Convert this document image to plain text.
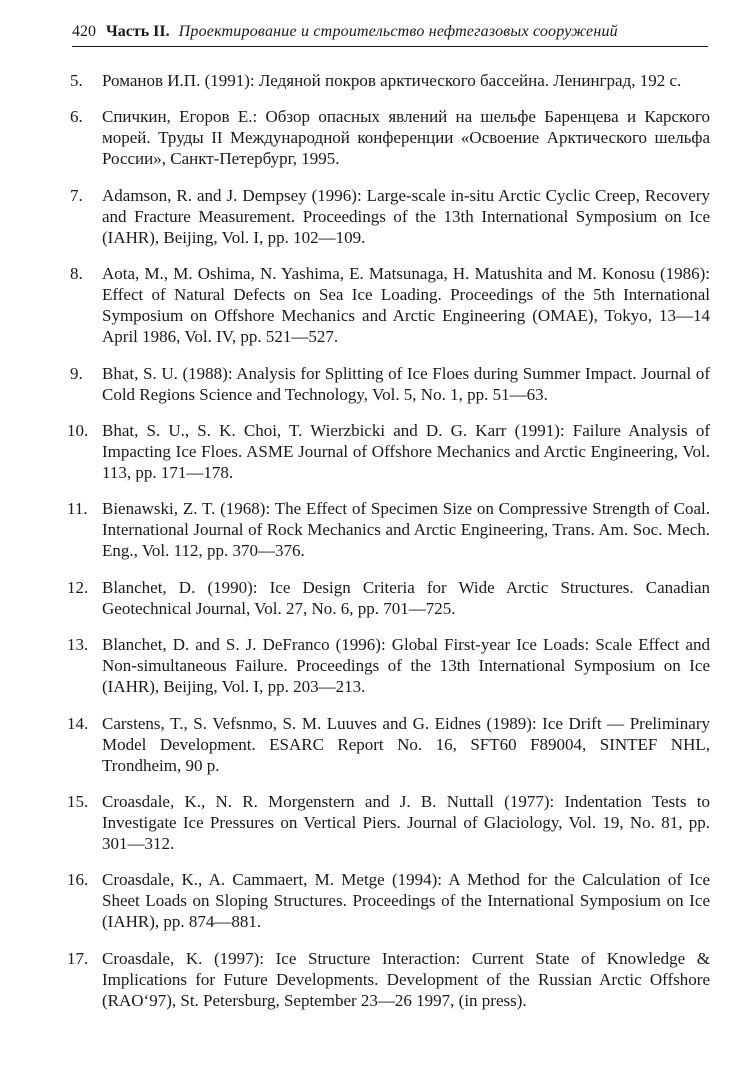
420 Часть II. Проектирование и строительство нефтегазовых сооружений
5. Романов И.П. (1991): Ледяной покров арктического бассейна. Ленинград, 192 с.
6. Спичкин, Егоров Е.: Обзор опасных явлений на шельфе Баренцева и Карского морей. Труды II Международной конференции «Освоение Арктического шельфа России», Санкт-Петербург, 1995.
7. Adamson, R. and J. Dempsey (1996): Large-scale in-situ Arctic Cyclic Creep, Recovery and Fracture Measurement. Proceedings of the 13th International Symposium on Ice (IAHR), Beijing, Vol. I, pp. 102—109.
8. Aota, M., M. Oshima, N. Yashima, E. Matsunaga, H. Matushita and M. Konosu (1986): Effect of Natural Defects on Sea Ice Loading. Proceedings of the 5th International Symposium on Offshore Mechanics and Arctic Engineering (OMAE), Tokyo, 13—14 April 1986, Vol. IV, pp. 521—527.
9. Bhat, S. U. (1988): Analysis for Splitting of Ice Floes during Summer Impact. Journal of Cold Regions Science and Technology, Vol. 5, No. 1, pp. 51—63.
10. Bhat, S. U., S. K. Choi, T. Wierzbicki and D. G. Karr (1991): Failure Analysis of Impacting Ice Floes. ASME Journal of Offshore Mechanics and Arctic Engineering, Vol. 113, pp. 171—178.
11. Bienawski, Z. T. (1968): The Effect of Specimen Size on Compressive Strength of Coal. International Journal of Rock Mechanics and Arctic Engineering, Trans. Am. Soc. Mech. Eng., Vol. 112, pp. 370—376.
12. Blanchet, D. (1990): Ice Design Criteria for Wide Arctic Structures. Canadian Geotechnical Journal, Vol. 27, No. 6, pp. 701—725.
13. Blanchet, D. and S. J. DeFranco (1996): Global First-year Ice Loads: Scale Effect and Non-simultaneous Failure. Proceedings of the 13th International Symposium on Ice (IAHR), Beijing, Vol. I, pp. 203—213.
14. Carstens, T., S. Vefsnmo, S. M. Luuves and G. Eidnes (1989): Ice Drift — Preliminary Model Development. ESARC Report No. 16, SFT60 F89004, SINTEF NHL, Trondheim, 90 p.
15. Croasdale, K., N. R. Morgenstern and J. B. Nuttall (1977): Indentation Tests to Investigate Ice Pressures on Vertical Piers. Journal of Glaciology, Vol. 19, No. 81, pp. 301—312.
16. Croasdale, K., A. Cammaert, M. Metge (1994): A Method for the Calculation of Ice Sheet Loads on Sloping Structures. Proceedings of the International Symposium on Ice (IAHR), pp. 874—881.
17. Croasdale, K. (1997): Ice Structure Interaction: Current State of Knowledge & Implications for Future Developments. Development of the Russian Arctic Offshore (RAO‘97), St. Petersburg, September 23—26 1997, (in press).
